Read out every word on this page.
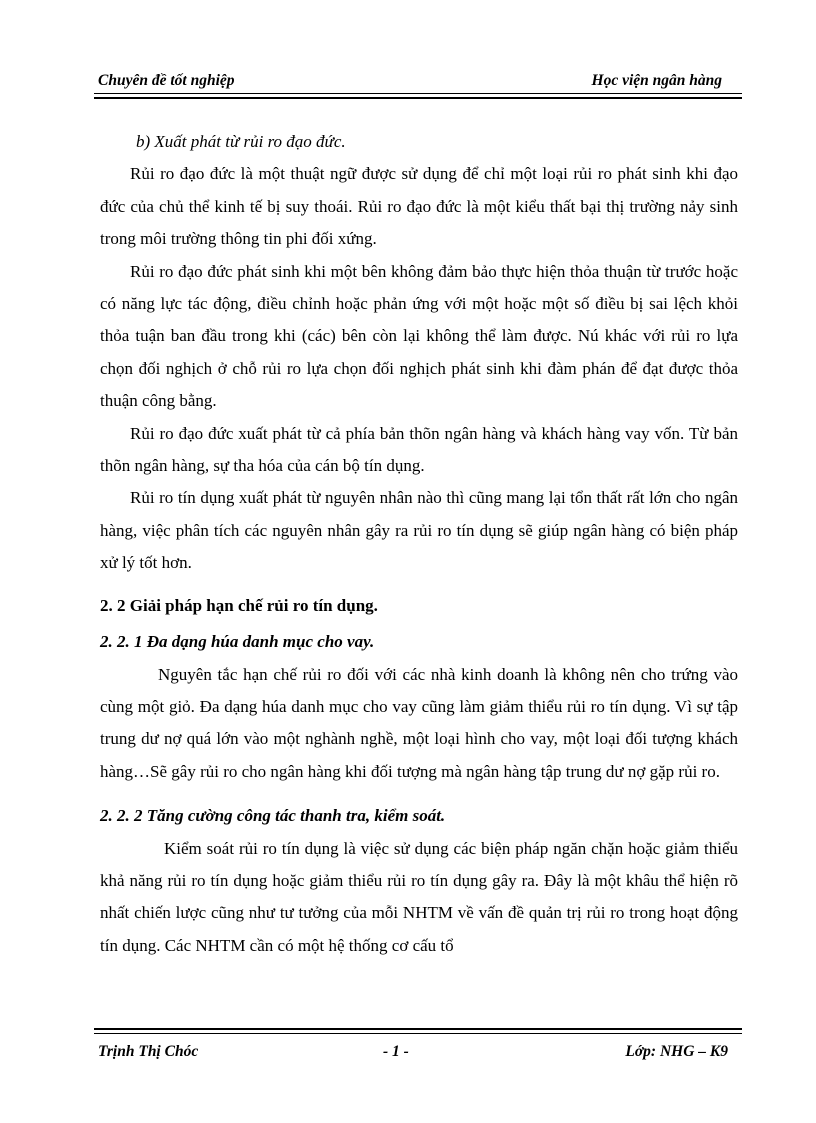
Chuyên đề tốt nghiệp	Học viện ngân hàng

b) Xuất phát từ rủi ro đạo đức.

Rủi ro đạo đức là một thuật ngữ được sử dụng để chỉ một loại rủi ro phát sinh khi đạo đức của chủ thể kinh tế bị suy thoái. Rủi ro đạo đức là một kiểu thất bại thị trường nảy sinh trong môi trường thông tin phi đối xứng.

Rủi ro đạo đức phát sinh khi một bên không đảm bảo thực hiện thỏa thuận từ trước hoặc có năng lực tác động, điều chỉnh hoặc phản ứng với một hoặc một số điều bị sai lệch khỏi thỏa tuận ban đầu trong khi (các) bên còn lại không thể làm được. Nú khác với rủi ro lựa chọn đối nghịch ở chỗ rủi ro lựa chọn đối nghịch phát sinh khi đàm phán để đạt được thỏa thuận công bằng.

Rủi ro đạo đức xuất phát từ cả phía bản thõn ngân hàng và khách hàng vay vốn. Từ bản thõn ngân hàng, sự tha hóa của cán bộ tín dụng.

Rủi ro tín dụng xuất phát từ nguyên nhân nào thì cũng mang lại tổn thất rất lớn cho ngân hàng, việc phân tích các nguyên nhân gây ra rủi ro tín dụng sẽ giúp ngân hàng có biện pháp xử lý tốt hơn.

2. 2 Giải pháp hạn chế rủi ro tín dụng.

2. 2. 1 Đa dạng húa danh mục cho vay.

Nguyên tắc hạn chế rủi ro đối với các nhà kinh doanh là không nên cho trứng vào cùng một giỏ. Đa dạng húa danh mục cho vay cũng làm giảm thiểu rủi ro tín dụng. Vì sự tập trung dư nợ quá lớn vào một nghành nghề, một loại hình cho vay, một loại đối tượng khách hàng…Sẽ gây rủi ro cho ngân hàng khi đối tượng mà ngân hàng tập trung dư nợ gặp rủi ro.

2. 2. 2 Tăng cường công tác thanh tra, kiểm soát.

Kiểm soát rủi ro tín dụng là việc sử dụng các biện pháp ngăn chặn hoặc giảm thiểu khả năng rủi ro tín dụng hoặc giảm thiểu rủi ro tín dụng gây ra. Đây là một khâu thể hiện rõ nhất chiến lược cũng như tư tưởng của mỗi NHTM về vấn đề quản trị rủi ro trong hoạt động tín dụng. Các NHTM cần có một hệ thống cơ cấu tổ

Trịnh Thị Chóc	- 1 -	Lớp: NHG – K9
